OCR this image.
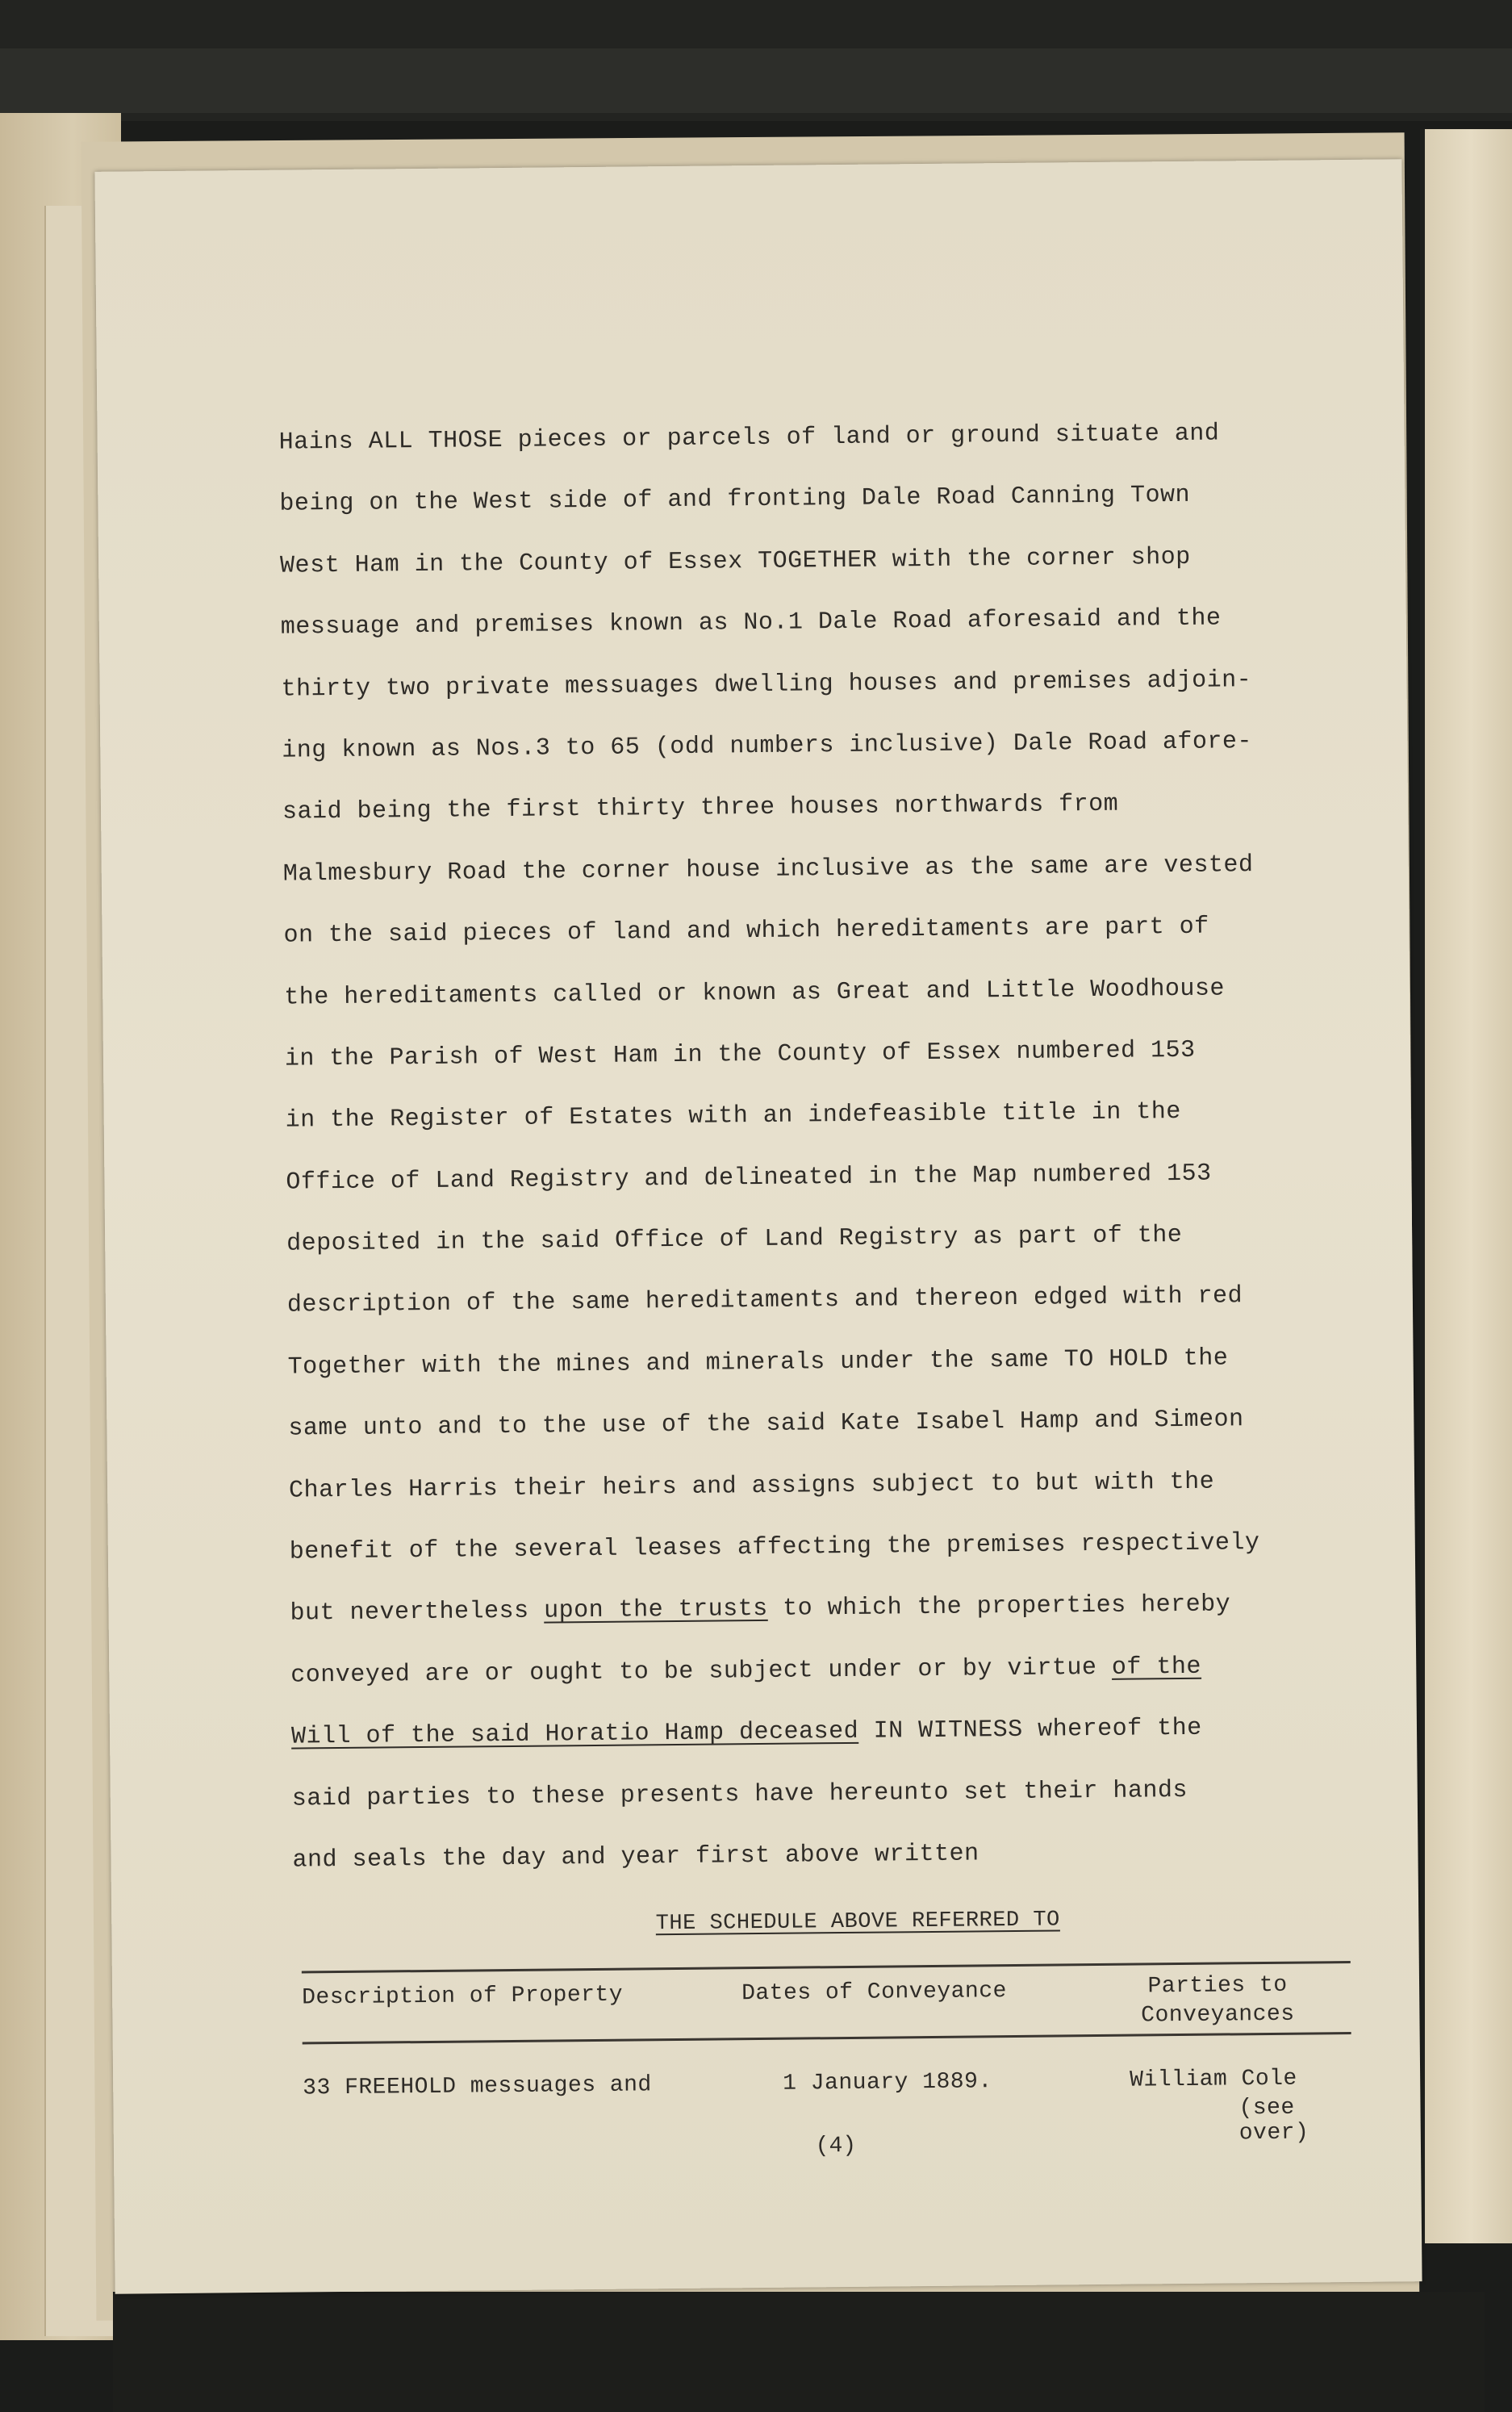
Hains ALL THOSE pieces or parcels of land or ground situate and
being on the West side of and fronting Dale Road Canning Town
West Ham in the County of Essex TOGETHER with the corner shop
messuage and premises known as No.1 Dale Road aforesaid and the
thirty two private messuages dwelling houses and premises adjoin-
ing known as Nos.3 to 65 (odd numbers inclusive) Dale Road afore-
said being the first thirty three houses northwards from
Malmesbury Road the corner house inclusive as the same are vested
on the said pieces of land and which hereditaments are part of
the hereditaments called or known as Great and Little Woodhouse
in the Parish of West Ham in the County of Essex numbered 153
in the Register of Estates with an indefeasible title in the
Office of Land Registry and delineated in the Map numbered 153
deposited in the said Office of Land Registry as part of the
description of the same hereditaments and thereon edged with red
Together with the mines and minerals under the same TO HOLD the
same unto and to the use of the said Kate Isabel Hamp and Simeon
Charles Harris their heirs and assigns subject to but with the
benefit of the several leases affecting the premises respectively
but nevertheless upon the trusts to which the properties hereby
conveyed are or ought to be subject under or by virtue of the
Will of the said Horatio Hamp deceased IN WITNESS whereof the
said parties to these presents have hereunto set their hands
and seals the day and year first above written
THE SCHEDULE ABOVE REFERRED TO
Description of Property	Dates of Conveyance	Parties to
Conveyances
33 FREEHOLD messuages and	1 January 1889.	William Cole
(see over)
(4)
